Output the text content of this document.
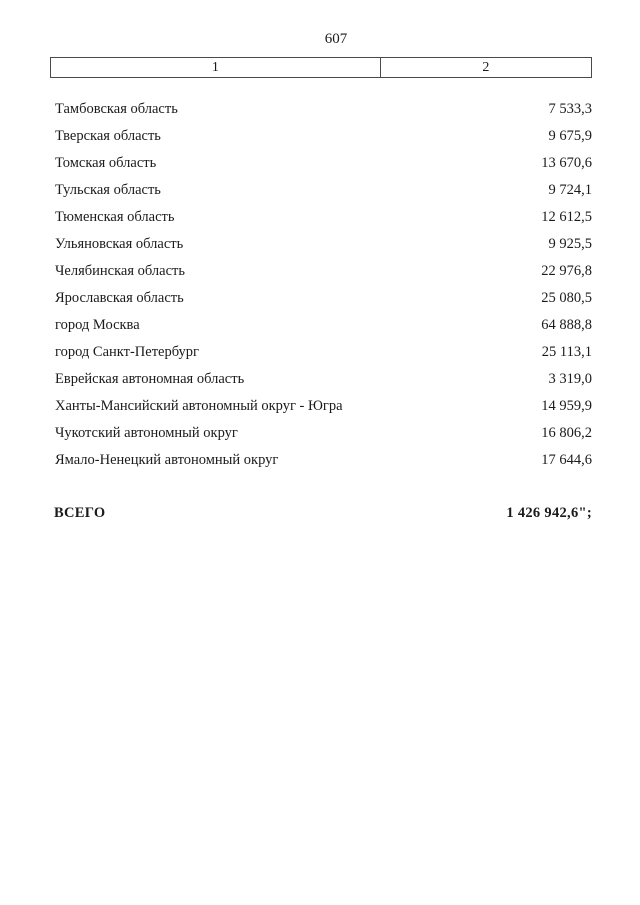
607
1	2
Тамбовская область	7 533,3
Тверская область	9 675,9
Томская область	13 670,6
Тульская область	9 724,1
Тюменская область	12 612,5
Ульяновская область	9 925,5
Челябинская область	22 976,8
Ярославская область	25 080,5
город Москва	64 888,8
город Санкт-Петербург	25 113,1
Еврейская автономная область	3 319,0
Ханты-Мансийский автономный округ - Югра	14 959,9
Чукотский автономный округ	16 806,2
Ямало-Ненецкий автономный округ	17 644,6
ВСЕГО	1 426 942,6";
